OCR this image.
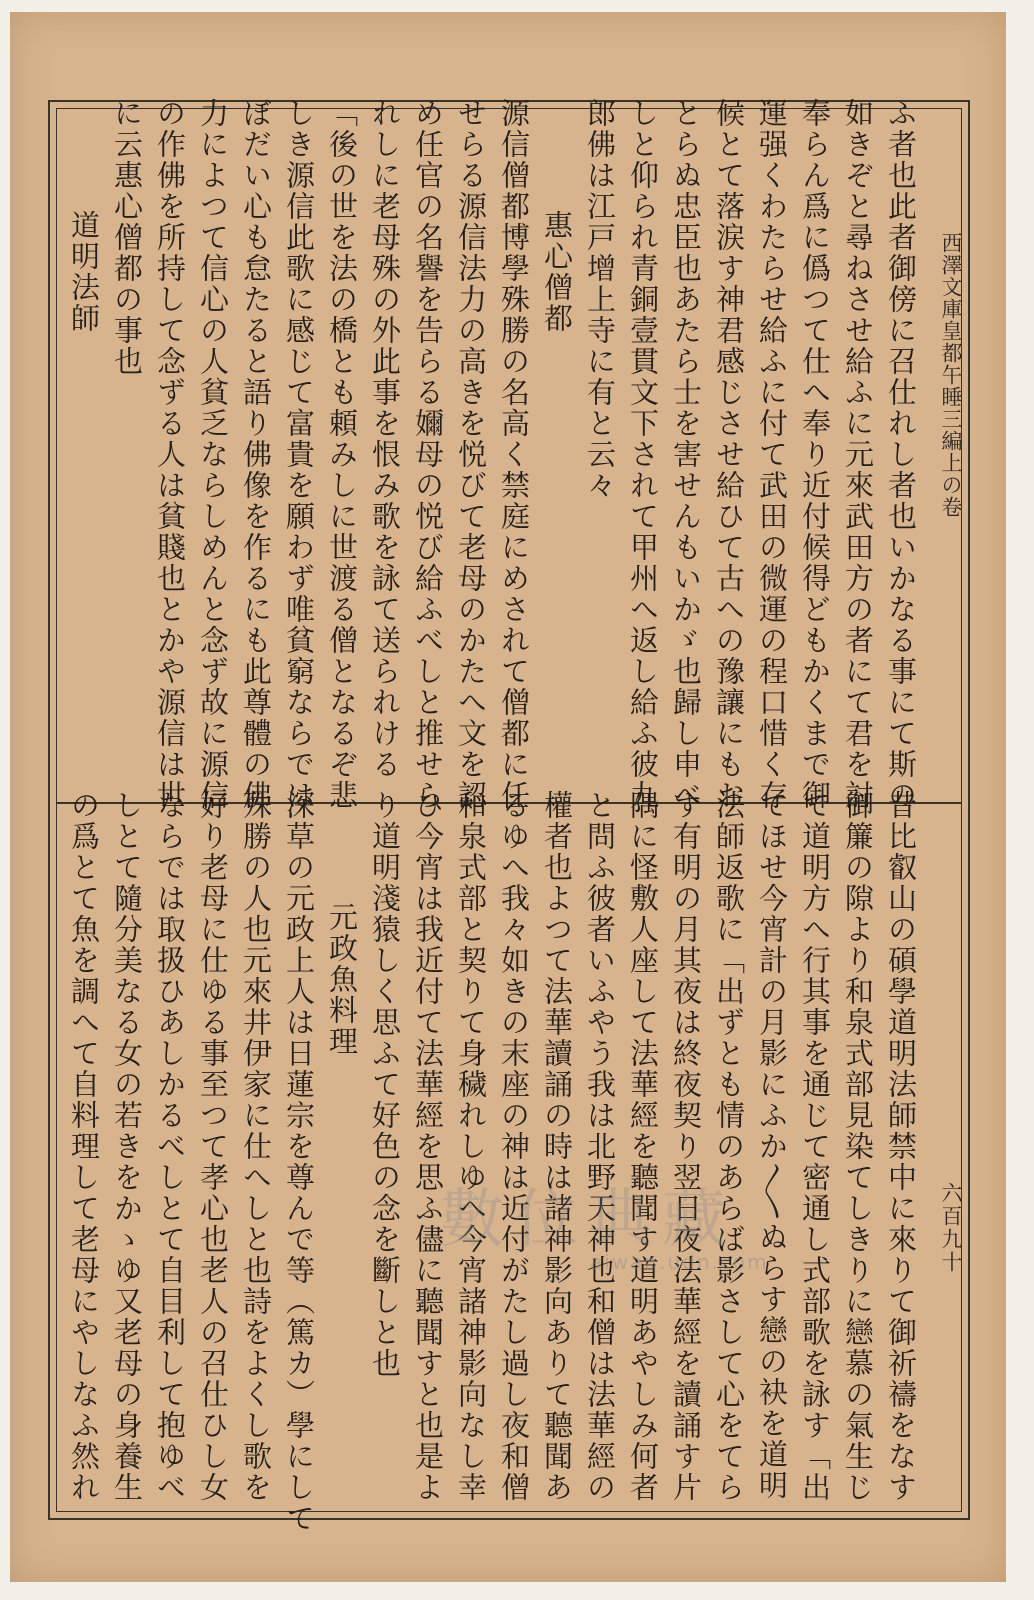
西澤文庫皇都午睡三編上の卷
六百九十
ふ者也此者御傍に召仕れし者也いかなる事にて斯の
如きぞと尋ねさせ給ふに元來武田方の者にて君を討
奉らん爲に僞つて仕へ奉り近付候得どもかくまで御
運强くわたらせ給ふに付て武田の微運の程口惜く存
候とて落涙す神君感じさせ給ひて古への豫讓にもお
とらぬ忠臣也あたら士を害せんもいかゞ也歸し申べ
しと仰られ青銅壹貫文下されて甲州へ返し給ふ彼九
郎佛は江戸增上寺に有と云々
惠心僧都
源信僧都博學殊勝の名高く禁庭にめされて僧都に任
せらる源信法力の高きを悦びて老母のかたへ文を認
め任官の名譽を告らる嬭母の悦び給ふべしと推せら
れしに老母殊の外此事を恨み歌を詠て送られける
「後の世を法の橋とも頼みしに世渡る僧となるぞ悲
しき源信此歌に感じて富貴を願わず唯貧窮ならでは
ぼだい心も怠たると語り佛像を作るにも此尊體の佛
力によつて信心の人貧乏ならしめんと念ず故に源信
の作佛を所持して念ずる人は貧賤也とかや源信は世
に云惠心僧都の事也
道明法師
昔比叡山の碩學道明法師禁中に來りて御祈禱をなす
御簾の隙より和泉式部見染てしきりに戀慕の氣生じ
て道明方へ行其事を通じて密通し式部歌を詠す「出
てほせ今宵計の月影にふか〳〵ぬらす戀の袂を道明
法師返歌に「出ずとも情のあらば影さして心をてら
す有明の月其夜は終夜契り翌日夜法華經を讀誦す片
隅に怪敷人座して法華經を聽聞す道明あやしみ何者
と問ふ彼者いふやう我は北野天神也和僧は法華經の
權者也よつて法華讀誦の時は諸神影向ありて聽聞あ
るゆへ我々如きの末座の神は近付がたし過し夜和僧
和泉式部と契りて身穢れしゆへ今宵諸神影向なし幸
ひ今宵は我近付て法華經を思ふ儘に聽聞すと也是よ
り道明淺猿しく思ふて好色の念を斷しと也
元政魚料理
深草の元政上人は日蓮宗を尊んで等（篤カ）學にして
殊勝の人也元來井伊家に仕へしと也詩をよくし歌を
好り老母に仕ゆる事至つて孝心也老人の召仕ひし女
ならでは取扱ひあしかるべしとて自目利して抱ゆべ
しとて隨分美なる女の若きをかゝゆ又老母の身養生
の爲とて魚を調へて自料理して老母にやしなふ然れ	數位典藏
aiwan.udn.com
